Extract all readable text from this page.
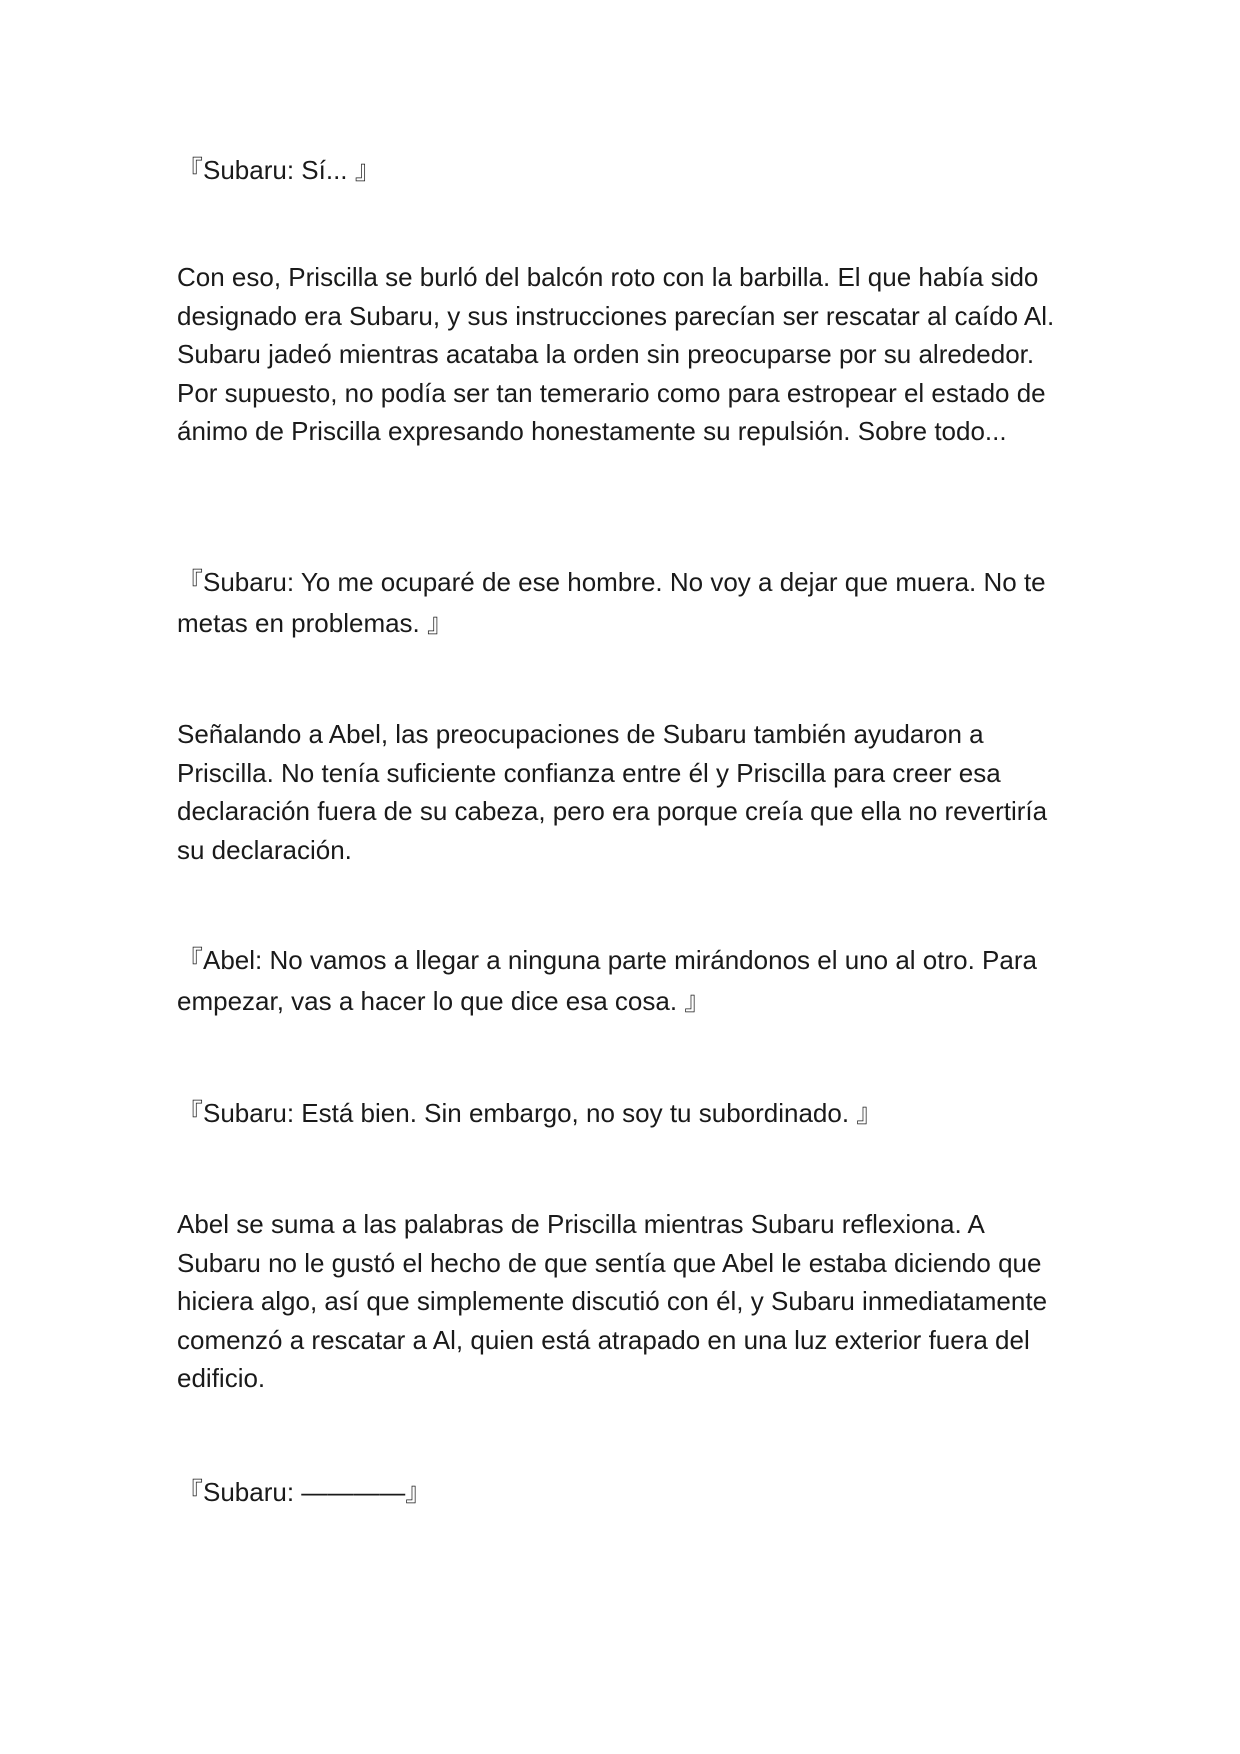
『Subaru: Sí... 』

Con eso, Priscilla se burló del balcón roto con la barbilla. El que había sido designado era Subaru, y sus instrucciones parecían ser rescatar al caído Al. Subaru jadeó mientras acataba la orden sin preocuparse por su alrededor. Por supuesto, no podía ser tan temerario como para estropear el estado de ánimo de Priscilla expresando honestamente su repulsión. Sobre todo...

『Subaru: Yo me ocuparé de ese hombre. No voy a dejar que muera. No te metas en problemas. 』

Señalando a Abel, las preocupaciones de Subaru también ayudaron a Priscilla. No tenía suficiente confianza entre él y Priscilla para creer esa declaración fuera de su cabeza, pero era porque creía que ella no revertiría su declaración.

『Abel: No vamos a llegar a ninguna parte mirándonos el uno al otro. Para empezar, vas a hacer lo que dice esa cosa. 』

『Subaru: Está bien. Sin embargo, no soy tu subordinado. 』

Abel se suma a las palabras de Priscilla mientras Subaru reflexiona. A Subaru no le gustó el hecho de que sentía que Abel le estaba diciendo que hiciera algo, así que simplemente discutió con él, y Subaru inmediatamente comenzó a rescatar a Al, quien está atrapado en una luz exterior fuera del edificio.

『Subaru: ————』
